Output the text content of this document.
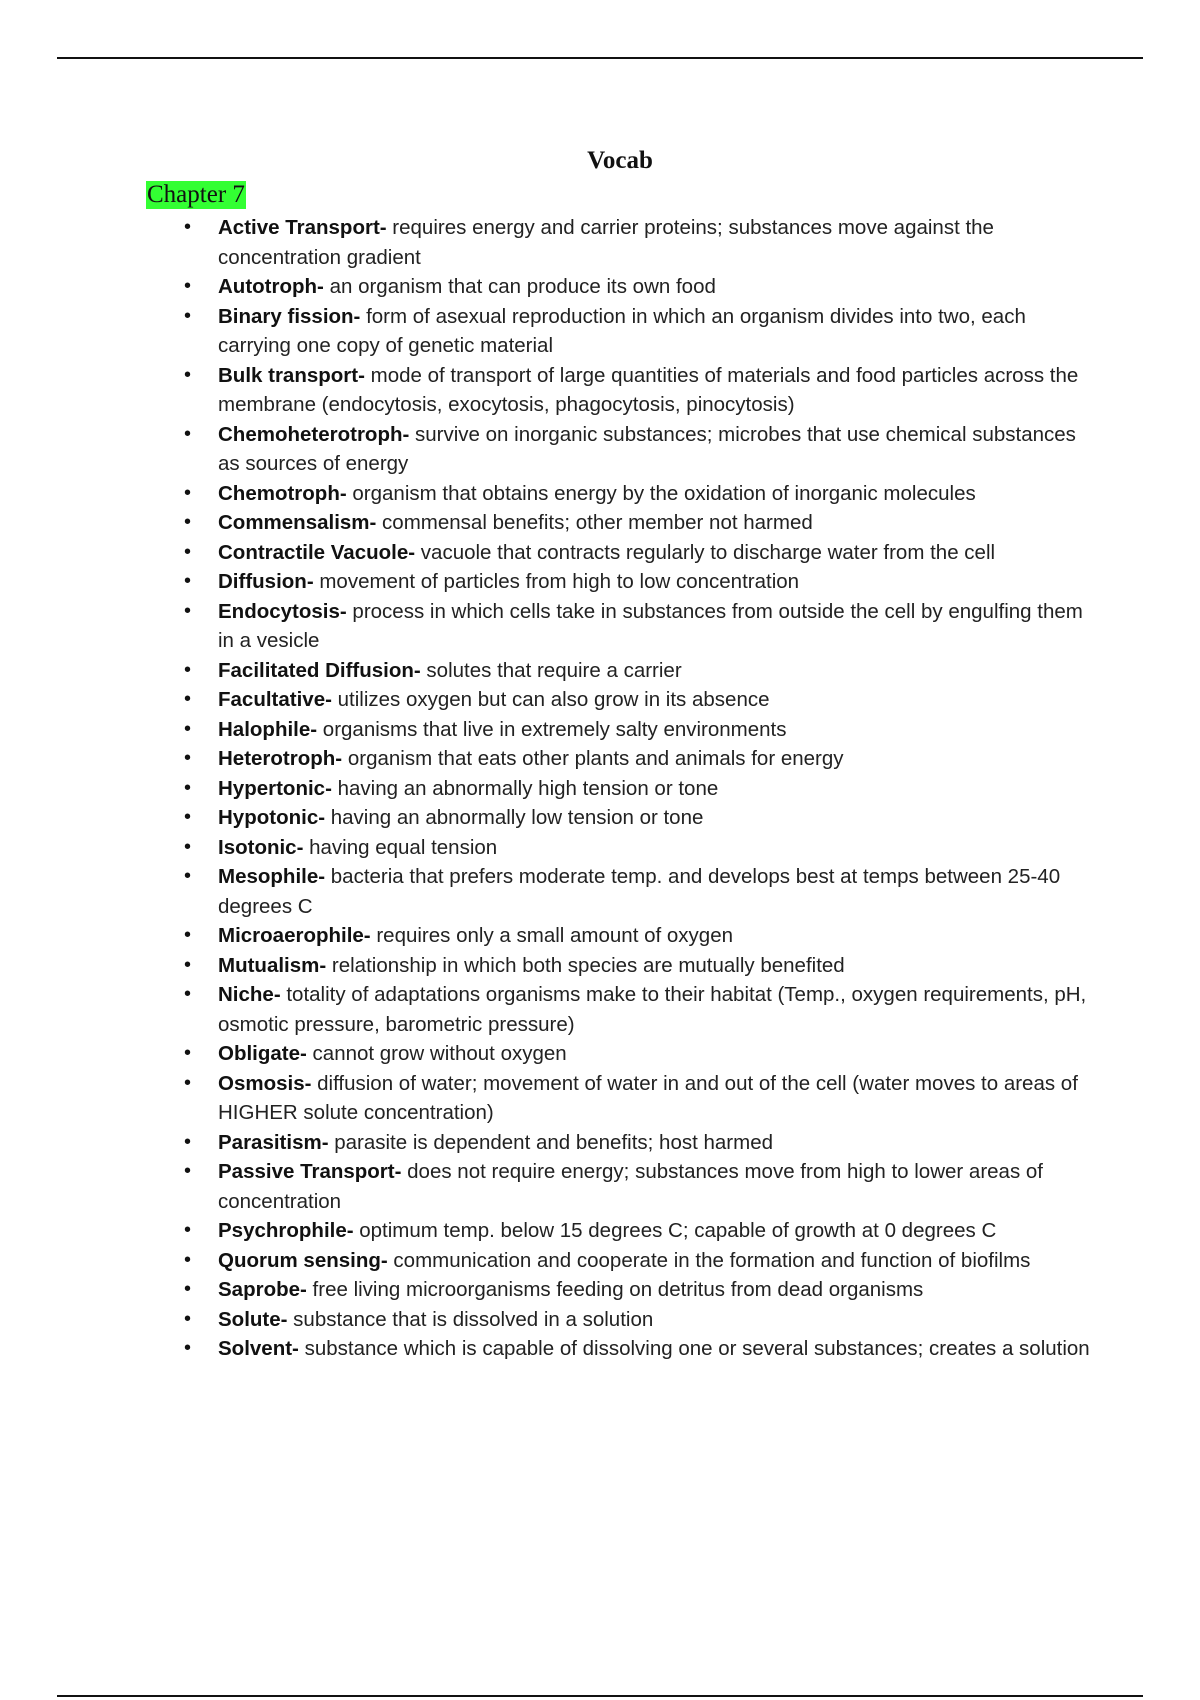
Vocab
Chapter 7
• Active Transport- requires energy and carrier proteins; substances move against the concentration gradient
• Autotroph- an organism that can produce its own food
• Binary fission- form of asexual reproduction in which an organism divides into two, each carrying one copy of genetic material
• Bulk transport- mode of transport of large quantities of materials and food particles across the membrane (endocytosis, exocytosis, phagocytosis, pinocytosis)
• Chemoheterotroph- survive on inorganic substances; microbes that use chemical substances as sources of energy
• Chemotroph- organism that obtains energy by the oxidation of inorganic molecules
• Commensalism- commensal benefits; other member not harmed
• Contractile Vacuole- vacuole that contracts regularly to discharge water from the cell
• Diffusion- movement of particles from high to low concentration
• Endocytosis- process in which cells take in substances from outside the cell by engulfing them in a vesicle
• Facilitated Diffusion- solutes that require a carrier
• Facultative- utilizes oxygen but can also grow in its absence
• Halophile- organisms that live in extremely salty environments
• Heterotroph- organism that eats other plants and animals for energy
• Hypertonic- having an abnormally high tension or tone
• Hypotonic- having an abnormally low tension or tone
• Isotonic- having equal tension
• Mesophile- bacteria that prefers moderate temp. and develops best at temps between 25-40 degrees C
• Microaerophile- requires only a small amount of oxygen
• Mutualism- relationship in which both species are mutually benefited
• Niche- totality of adaptations organisms make to their habitat (Temp., oxygen requirements, pH, osmotic pressure, barometric pressure)
• Obligate- cannot grow without oxygen
• Osmosis- diffusion of water; movement of water in and out of the cell (water moves to areas of HIGHER solute concentration)
• Parasitism- parasite is dependent and benefits; host harmed
• Passive Transport- does not require energy; substances move from high to lower areas of concentration
• Psychrophile- optimum temp. below 15 degrees C; capable of growth at 0 degrees C
• Quorum sensing- communication and cooperate in the formation and function of biofilms
• Saprobe- free living microorganisms feeding on detritus from dead organisms
• Solute- substance that is dissolved in a solution
• Solvent- substance which is capable of dissolving one or several substances; creates a solution
